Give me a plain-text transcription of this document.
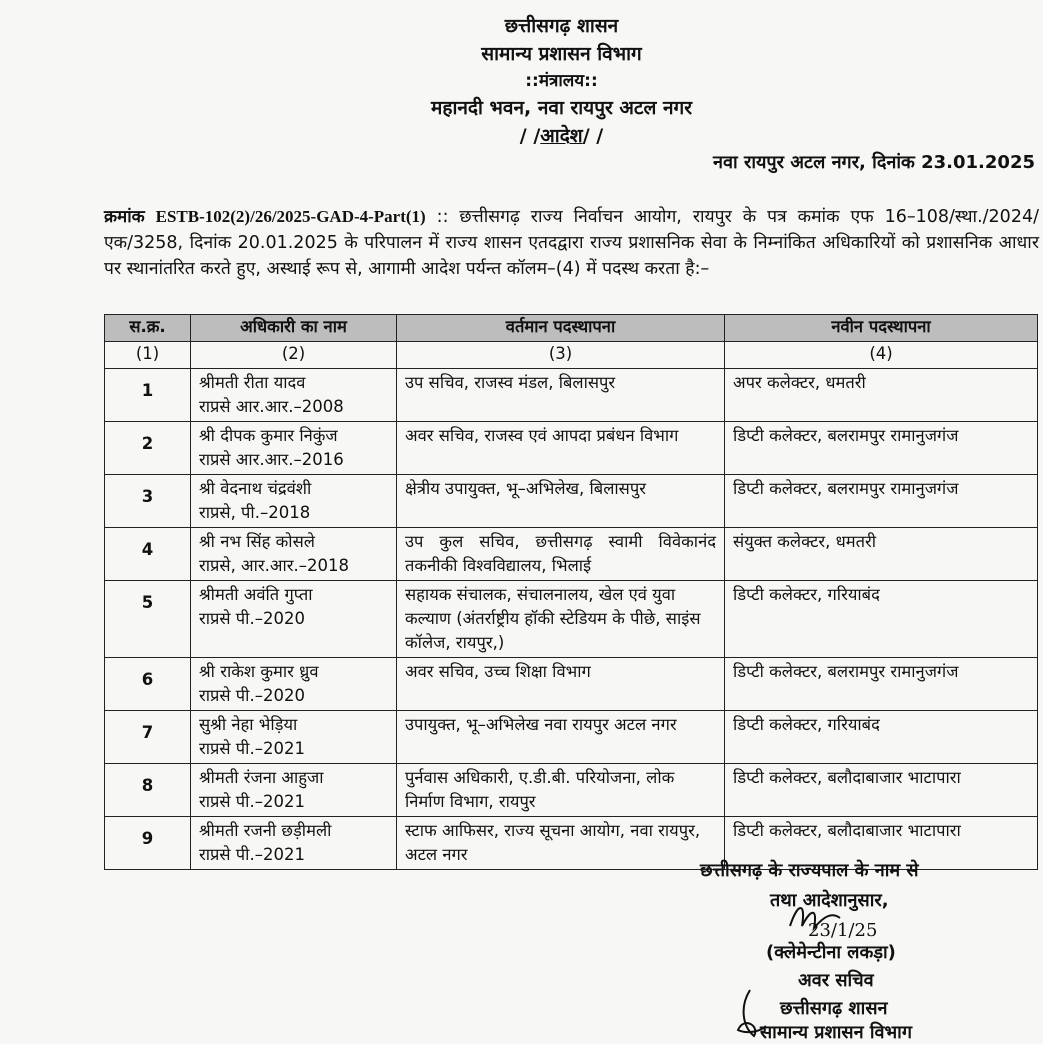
छत्तीसगढ़ शासन
सामान्य प्रशासन विभाग
::मंत्रालय::
महानदी भवन, नवा रायपुर अटल नगर
/ /आदेश/ /
नवा रायपुर अटल नगर, दिनांक 23.01.2025
क्रमांक ESTB-102(2)/26/2025-GAD-4-Part(1) :: छत्तीसगढ़ राज्य निर्वाचन आयोग, रायपुर के पत्र कमांक एफ 16–108/स्था./2024/एक/3258, दिनांक 20.01.2025 के परिपालन में राज्य शासन एतदद्वारा राज्य प्रशासनिक सेवा के निम्नांकित अधिकारियों को प्रशासनिक आधार पर स्थानांतरित करते हुए, अस्थाई रूप से, आगामी आदेश पर्यन्त कॉलम–(4) में पदस्थ करता है:–
स.क्र.	अधिकारी का नाम	वर्तमान पदस्थापना	नवीन पदस्थापना
(1)	(2)	(3)	(4)
1	श्रीमती रीता यादव
राप्रसे आर.आर.–2008	उप सचिव, राजस्व मंडल, बिलासपुर	अपर कलेक्टर, धमतरी
2	श्री दीपक कुमार निकुंज
राप्रसे आर.आर.–2016	अवर सचिव, राजस्व एवं आपदा प्रबंधन विभाग	डिप्टी कलेक्टर, बलरामपुर रामानुजगंज
3	श्री वेदनाथ चंद्रवंशी
राप्रसे, पी.–2018	क्षेत्रीय उपायुक्त, भू–अभिलेख, बिलासपुर	डिप्टी कलेक्टर, बलरामपुर रामानुजगंज
4	श्री नभ सिंह कोसले
राप्रसे, आर.आर.–2018	उप कुल सचिव, छत्तीसगढ़ स्वामी विवेकानंद तकनीकी विश्वविद्यालय, भिलाई	संयुक्त कलेक्टर, धमतरी
5	श्रीमती अवंति गुप्ता
राप्रसे पी.–2020	सहायक संचालक, संचालनालय, खेल एवं युवा कल्याण (अंतर्राष्ट्रीय हॉकी स्टेडियम के पीछे, साइंस कॉलेज, रायपुर,)	डिप्टी कलेक्टर, गरियाबंद
6	श्री राकेश कुमार ध्रुव
राप्रसे पी.–2020	अवर सचिव, उच्च शिक्षा विभाग	डिप्टी कलेक्टर, बलरामपुर रामानुजगंज
7	सुश्री नेहा भेड़िया
राप्रसे पी.–2021	उपायुक्त, भू–अभिलेख नवा रायपुर अटल नगर	डिप्टी कलेक्टर, गरियाबंद
8	श्रीमती रंजना आहुजा
राप्रसे पी.–2021	पुर्नवास अधिकारी, ए.डी.बी. परियोजना, लोक निर्माण विभाग, रायपुर	डिप्टी कलेक्टर, बलौदाबाजार भाटापारा
9	श्रीमती रजनी छड़ीमली
राप्रसे पी.–2021	स्टाफ आफिसर, राज्य सूचना आयोग, नवा रायपुर, अटल नगर	डिप्टी कलेक्टर, बलौदाबाजार भाटापारा
छत्तीसगढ़ के राज्यपाल के नाम से
तथा आदेशानुसार,
23/1/25
(क्लेमेन्टीना लकड़ा)
अवर सचिव
छत्तीसगढ़ शासन
सामान्य प्रशासन विभाग
